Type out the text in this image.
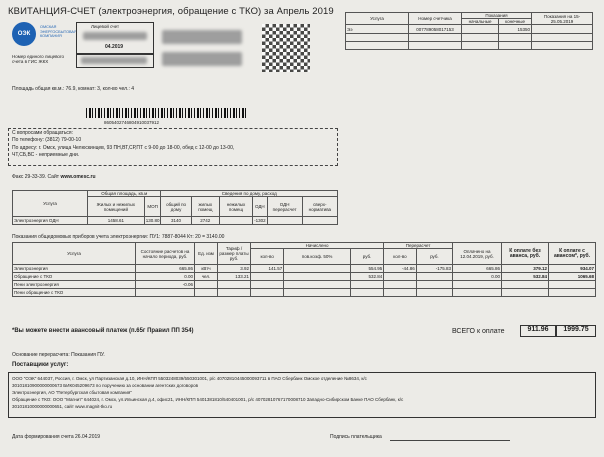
КВИТАНЦИЯ-СЧЕТ (электроэнергия, обращение с ТКО) за Апрель 2019
ОЭК
ОМСКАЯ ЭНЕРГОСБЫТОВАЯ КОМПАНИЯ
Лицевой счет
04.2019
Номер единого лицевого счета в ГИС ЖКХ
Площадь общая кв.м.: 76.9, комнат: 3, кол-во чел.: 4
8605402746804910037912
Услуга	Номер счетчика	Показания		Показания на 15-25.05.2019
		начальные	конечные	
Ээ	007789058017153		15350	

С вопросами обращаться:
По телефону: (3812) 79-00-10
По адресу: г. Омск, улица Челюскинцев, 93 ПН,ВТ,СР,ПТ с 9-00 до 18-00, обед с 12-00 до 13-00,
ЧТ,СБ,ВС - неприемные дни.
Факс 29-33-39. Сайт www.omesc.ru
Услуга	Общая площадь, кв.м		Сведения по дому, расход					
	Жилых и нежилых помещений	МОП	общий по дому	жилых помещ	нежилых помещ	ОДН	ОДН перерасчет	сверх-норматива
Электроэнергия ОДН	1458.61	130.80	3140	2742		-1302		
Показания общедомовых приборов учета электроэнергии: ПУ1: 7887-8044 Кт: 20 = 3140.00
Услуга	Состояние расчетов на начало периода, руб.	Ед. изм	Тариф / размер платы руб.	Начислено			Перерасчет		Оплачено на 12.04.2019, руб.	К оплате без аванса, руб.	К оплате с авансом*, руб.
				кол-во	пов.коэф. 50%	руб.	кол-во	руб.			
Электроэнергия	665.86	кВтч	3.92	141.57		554.95	-44.86	-175.83	665.86	379.12	934.07
Обращение с ТКО	0.00	чел.	133.21			532.84			0.00	532.84	1065.68
Пени электроэнергия	-0.06										
Пени обращение с ТКО											
*Вы можете внести авансовый платеж (п.65г Правил ПП 354)	ВСЕГО к оплате	911.96	1999.75
Основание перерасчета: Показания ПУ.
Поставщики услуг:
ООО "ОЭК" 644037, Россия, г. Омск, ул Партизанская д.10, ИНН/КПП 5503248039/550301001, р/с 40702810445000093711 в ПАО Сбербанк Омское отделение №8634, к/с
30101810900000000673 БИК045209673 по поручению за основании агентских договоров
Электроэнергия, АО "Петербургская сбытовая компания"
Обращение с ТКО: ООО "Магнит" 644024, г. Омск, ул.Ильинская д.4, офис21, ИНН/КПП 5401381810/540401001, р/с 40702810767170008710 Западно-Сибирском Банке ПАО Сбербанк, к/с
30101810000000000651, сайт www.magnit-tko.ru
Дата формирования счета 26.04.2019	Подпись плательщика
